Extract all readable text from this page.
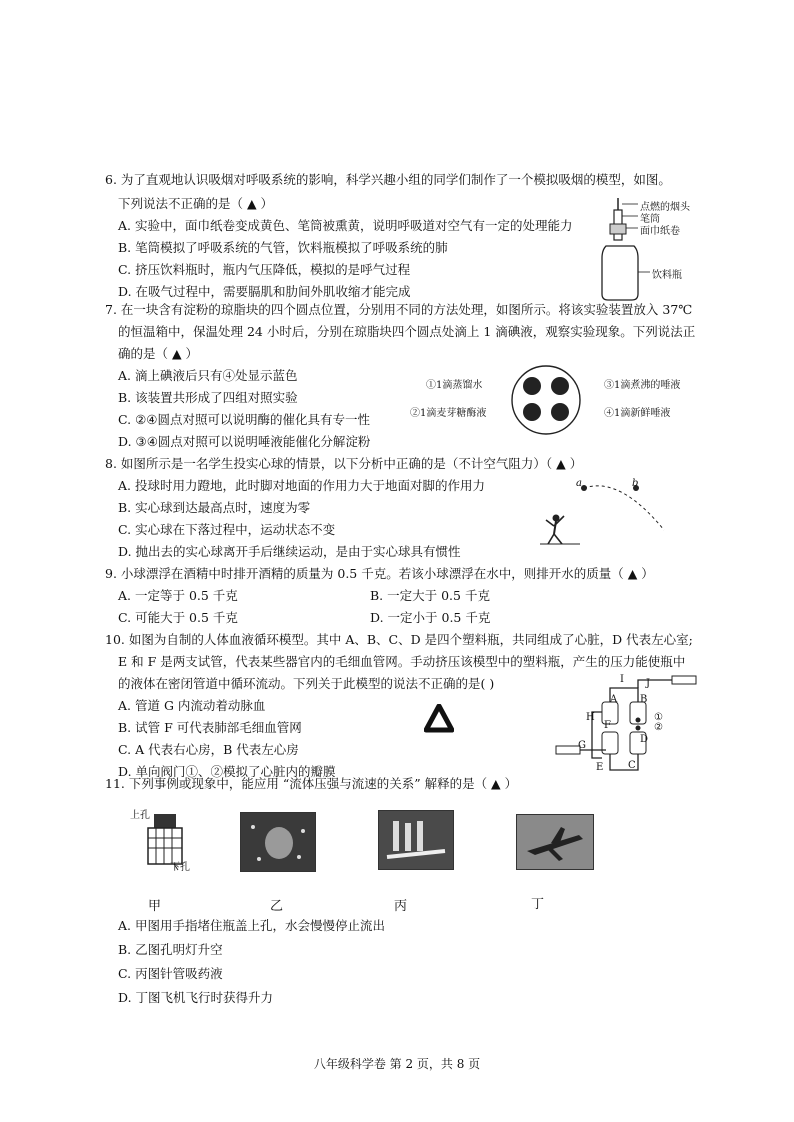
6. 为了直观地认识吸烟对呼吸系统的影响，科学兴趣小组的同学们制作了一个模拟吸烟的模型，如图。
下列说法不正确的是（ ▲ ）
A. 实验中，面巾纸卷变成黄色、笔筒被熏黄，说明呼吸道对空气有一定的处理能力
B. 笔筒模拟了呼吸系统的气管，饮料瓶模拟了呼吸系统的肺
C. 挤压饮料瓶时，瓶内气压降低，模拟的是呼气过程
D. 在吸气过程中，需要膈肌和肋间外肌收缩才能完成
点燃的烟头
笔筒
面巾纸卷
饮料瓶
7. 在一块含有淀粉的琼脂块的四个圆点位置，分别用不同的方法处理，如图所示。将该实验装置放入 37℃
的恒温箱中，保温处理 24 小时后，分别在琼脂块四个圆点处滴上 1 滴碘液，观察实验现象。下列说法正
确的是（ ▲ ）
A. 滴上碘液后只有④处显示蓝色
B. 该装置共形成了四组对照实验
C. ②④圆点对照可以说明酶的催化具有专一性
D. ③④圆点对照可以说明唾液能催化分解淀粉
①1滴蒸馏水	③1滴煮沸的唾液
②1滴麦芽糖酶液	④1滴新鲜唾液
8. 如图所示是一名学生投实心球的情景，以下分析中正确的是（不计空气阻力）（ ▲ ）
A. 投球时用力蹬地，此时脚对地面的作用力大于地面对脚的作用力
B. 实心球到达最高点时，速度为零
C. 实心球在下落过程中，运动状态不变
D. 抛出去的实心球离开手后继续运动，是由于实心球具有惯性
a	b
9. 小球漂浮在酒精中时排开酒精的质量为 0.5 千克。若该小球漂浮在水中，则排开水的质量（ ▲ ）
A. 一定等于 0.5 千克	B. 一定大于 0.5 千克
C. 可能大于 0.5 千克	D. 一定小于 0.5 千克
10. 如图为自制的人体血液循环模型。其中 A、B、C、D 是四个塑料瓶，共同组成了心脏，D 代表左心室;
E 和 F 是两支试管，代表某些器官内的毛细血管网。手动挤压该模型中的塑料瓶，产生的压力能使瓶中
的液体在密闭管道中循环流动。下列关于此模型的说法不正确的是( )
A. 管道 G 内流动着动脉血
B. 试管 F 可代表肺部毛细血管网
C. A 代表右心房，B 代表左心房
D. 单向阀门①、②模拟了心脏内的瓣膜
H
I J
A B
F
①
②
D
E C
G
11. 下列事例或现象中，能应用 “流体压强与流速的关系” 解释的是（ ▲ ）
上孔
下孔
甲	乙	丙	丁
A. 甲图用手指堵住瓶盖上孔，水会慢慢停止流出
B. 乙图孔明灯升空
C. 丙图针管吸药液
D. 丁图飞机飞行时获得升力
八年级科学卷 第 2 页，共 8 页
